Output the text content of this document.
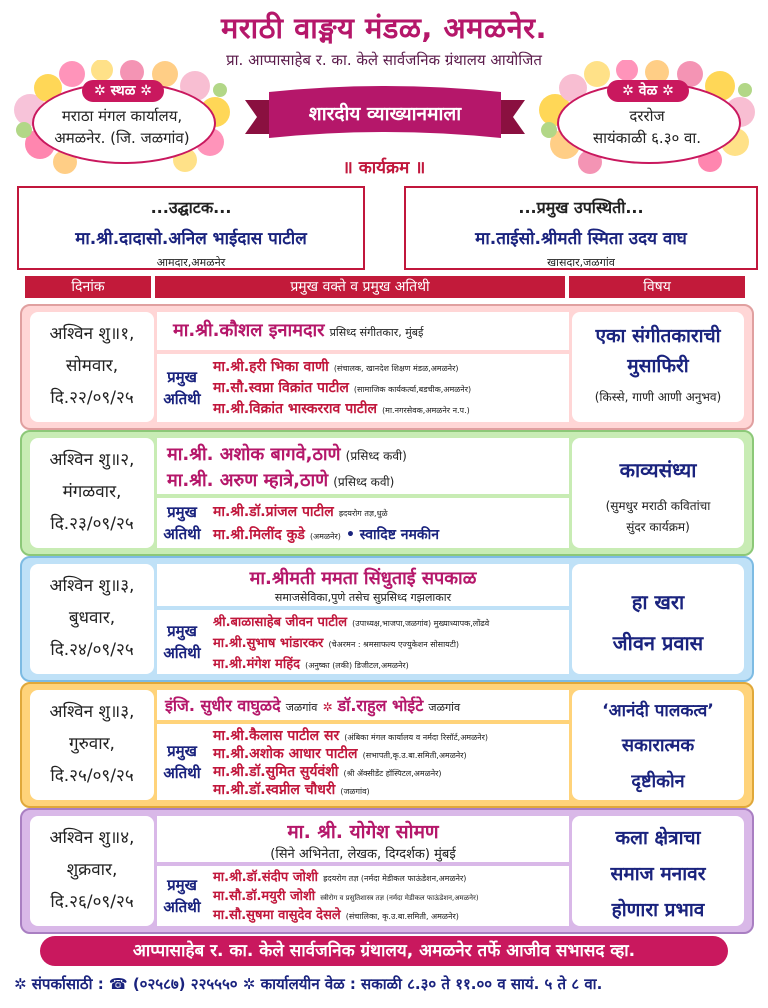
मराठी वाङ्मय मंडळ, अमळनेर.
प्रा. आप्पासाहेब र. का. केले सार्वजनिक ग्रंथालय आयोजित
✲ स्थळ ✲
मराठा मंगल कार्यालय,
अमळनेर. (जि. जळगांव)
✲ वेळ ✲
दररोज
सायंकाळी ६.३० वा.
शारदीय व्याख्यानमाला
॥ कार्यक्रम ॥
...उद्घाटक...
मा.श्री.दादासो.अनिल भाईदास पाटील
आमदार,अमळनेर
...प्रमुख उपस्थिती...
मा.ताईसो.श्रीमती स्मिता उदय वाघ
खासदार,जळगांव
दिनांक	प्रमुख वक्ते व प्रमुख अतिथी	विषय
अश्विन शु॥१,
सोमवार,
दि.२२/०९/२५
मा.श्री.कौशल इनामदार प्रसिध्द संगीतकार, मुंबई
प्रमुख
अतिथी
मा.श्री.हरी भिका वाणी (संचालक, खानदेश शिक्षण मंडळ,अमळनेर)
मा.सौ.स्वप्ना विक्रांत पाटील (सामाजिक कार्यकर्त्या,बडचीक,अमळनेर)
मा.श्री.विक्रांत भास्करराव पाटील (मा.नगरसेवक,अमळनेर न.प.)
एका संगीतकाराची
मुसाफिरी
(किस्से, गाणी आणी अनुभव)
अश्विन शु॥२,
मंगळवार,
दि.२३/०९/२५
मा.श्री. अशोक बागवे,ठाणे (प्रसिध्द कवी)
मा.श्री. अरुण म्हात्रे,ठाणे (प्रसिध्द कवी)
प्रमुख
अतिथी
मा.श्री.डॉ.प्रांजल पाटील ह्रदयरोग तज्ञ,धुळे
मा.श्री.मिलींद कुडे (अमळनेर) • स्वादिष्ट नमकीन
काव्यसंध्या
(सुमधुर मराठी कवितांचा
सुंदर कार्यक्रम)
अश्विन शु॥३,
बुधवार,
दि.२४/०९/२५
मा.श्रीमती ममता सिंधुताई सपकाळ
समाजसेविका,पुणे तसेच सुप्रसिध्द गझलाकार
प्रमुख
अतिथी
श्री.बाळासाहेब जीवन पाटील (उपाध्यक्ष,भाजपा,जळगांव) मुख्याध्यापक,लोंढवे
मा.श्री.सुभाष भांडारकर (चेअरमन : श्रमसाफल्य एज्युकेशन सोसायटी)
मा.श्री.मंगेश महिंद (अनुष्का (लकी) डिजीटल,अमळनेर)
हा खरा
जीवन प्रवास
अश्विन शु॥३,
गुरुवार,
दि.२५/०९/२५
इंजि. सुधीर वाघुळदे जळगांव ✲ डॉ.राहुल भोईटे जळगांव
प्रमुख
अतिथी
मा.श्री.कैलास पाटील सर (अंबिका मंगल कार्यालय व नर्मदा रिसॉर्ट,अमळनेर)
मा.श्री.अशोक आधार पाटील (सभापती,कृ.उ.बा.समिती,अमळनेर)
मा.श्री.डॉ.सुमित सुर्यवंशी (श्री ॲक्सीडेंट हॉस्पिटल,अमळनेर)
मा.श्री.डॉ.स्वप्नील चौधरी (जळगांव)
‘आनंदी पालकत्व’
सकारात्मक
दृष्टीकोन
अश्विन शु॥४,
शुक्रवार,
दि.२६/०९/२५
मा. श्री. योगेश सोमण
(सिने अभिनेता, लेखक, दिग्दर्शक) मुंबई
प्रमुख
अतिथी
मा.श्री.डॉ.संदीप जोशी ह्रदयरोग तज्ञ (नर्मदा मेडीकल फाऊंडेशन,अमळनेर)
मा.सौ.डॉ.मयुरी जोशी स्त्रीरोग व प्रसुतिशास्त्र तज्ञ (नर्मदा मेडीकल फाऊंडेशन,अमळनेर)
मा.सौ.सुषमा वासुदेव देसले (संचालिका, कृ.उ.बा.समिती, अमळनेर)
कला क्षेत्राचा
समाज मनावर
होणारा प्रभाव
आप्पासाहेब र. का. केले सार्वजनिक ग्रंथालय, अमळनेर तर्फे आजीव सभासद व्हा.
✲ संपर्कासाठी : ☎ (०२५८७) २२५५५० ✲ कार्यालयीन वेळ : सकाळी ८.३० ते ११.०० व सायं. ५ ते ८ वा.
